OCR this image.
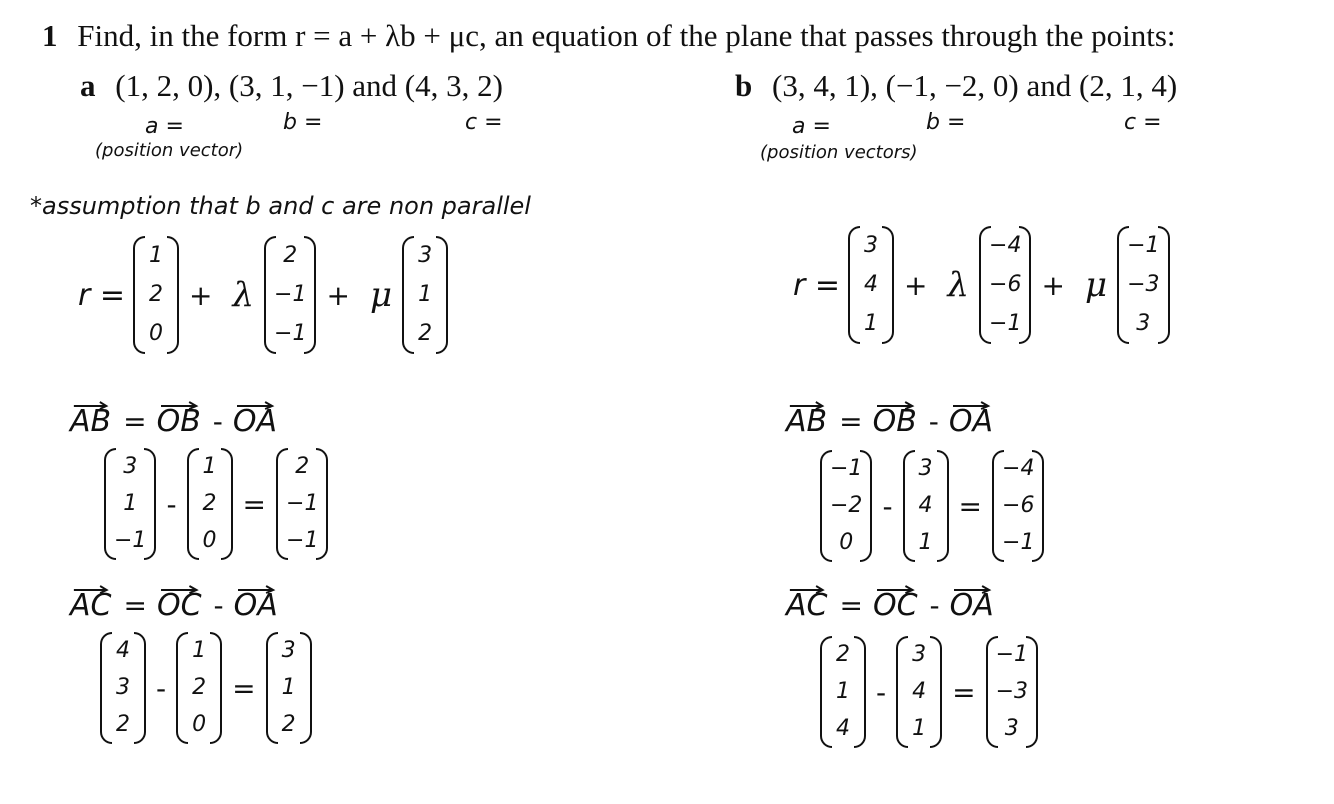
1 Find, in the form r = a + λb + μc, an equation of the plane that passes through the points:
a (1, 2, 0), (3, 1, −1) and (4, 3, 2)	b (3, 4, 1), (−1, −2, 0) and (2, 1, 4)
a =	b =	c =
(position vector)
a =	b =	c =
(position vectors)
*assumption that b and c are non parallel
r =
1
2
0
+ λ
2
−1
−1
+ μ
3
1
2
r =
3
4
1
+ λ
−4
−6
−1
+ μ
−1
−3
3
AB = OB - OA
3
1
−1
-
1
2
0
=
2
−1
−1
AC = OC - OA
4
3
2
-
1
2
0
=
3
1
2
AB = OB - OA
−1
−2
0
-
3
4
1
=
−4
−6
−1
AC = OC - OA
2
1
4
-
3
4
1
=
−1
−3
3
